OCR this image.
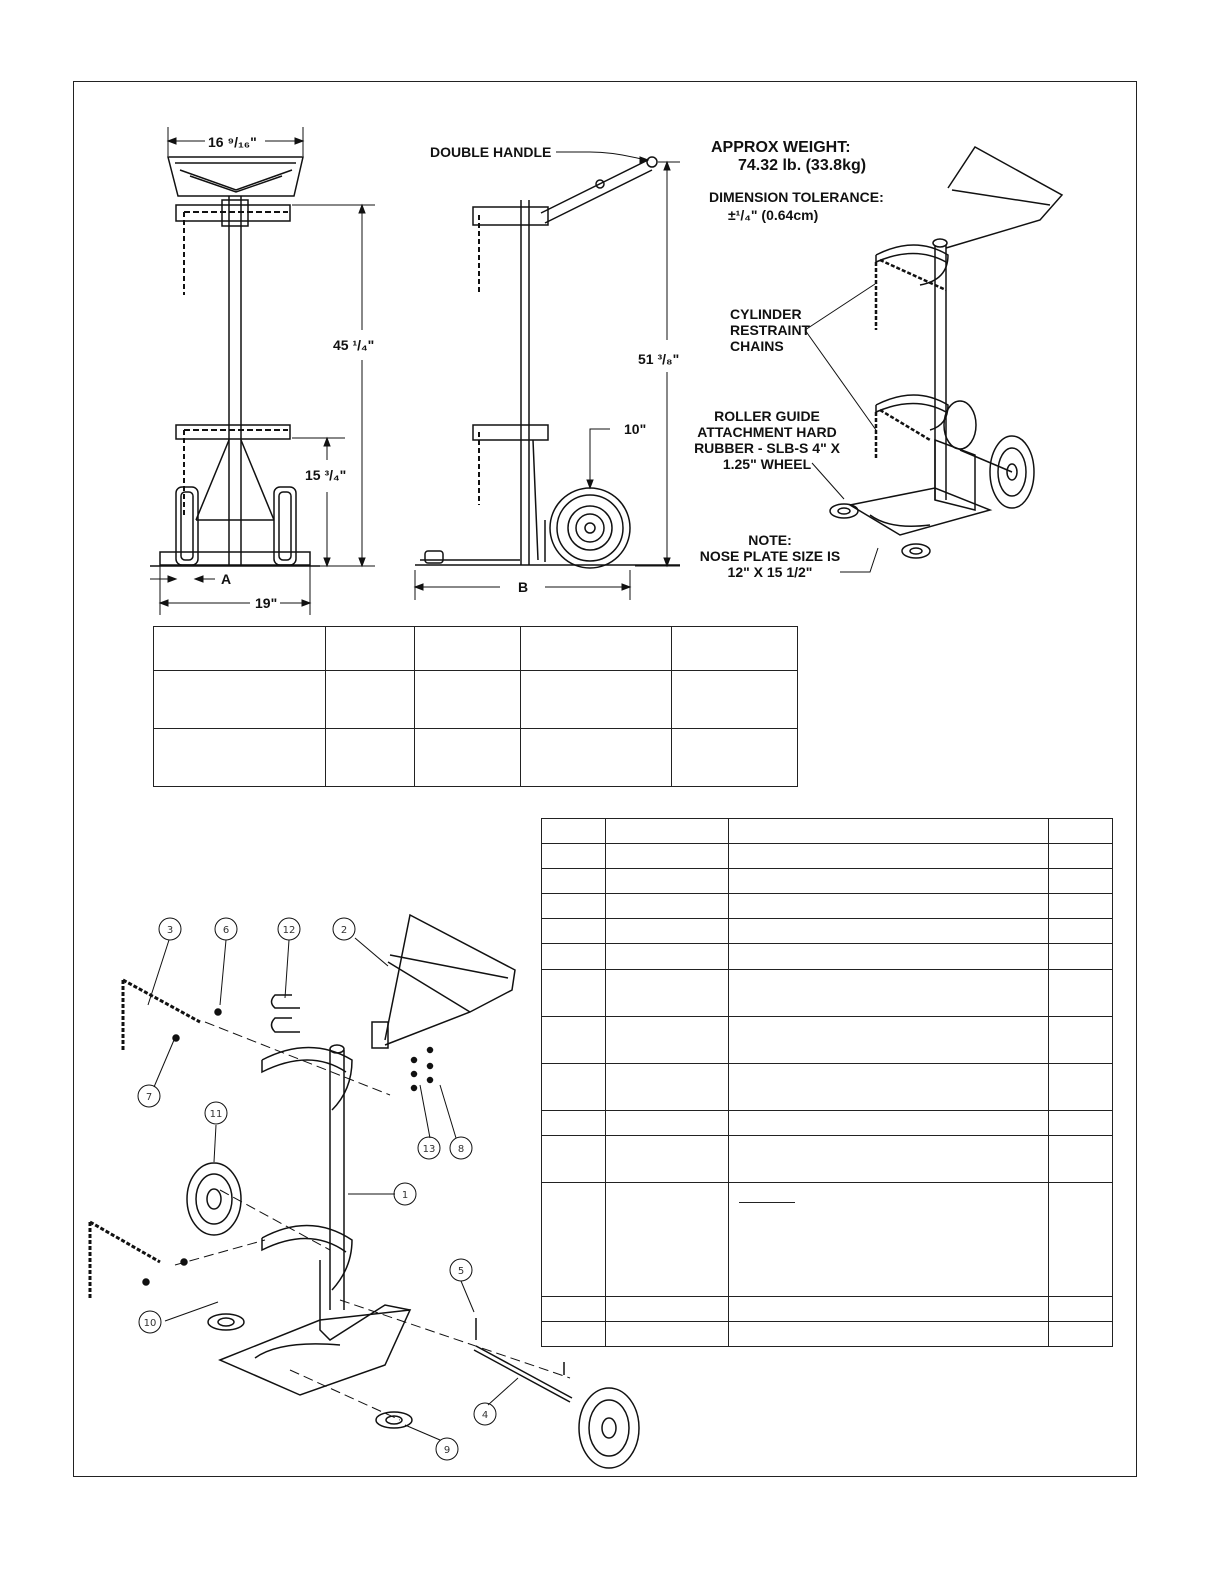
16 ⁹/₁₆"
45 ¹/₄"
15 ³/₄"
19"
A
51 ³/₈"
10"
B
DOUBLE HANDLE	APPROX WEIGHT:
74.32 lb. (33.8kg)
DIMENSION TOLERANCE:
±¹/₄" (0.64cm)
CYLINDER
RESTRAINT
CHAINS
ROLLER GUIDE
ATTACHMENT HARD
RUBBER - SLB-S 4" X
1.25" WHEEL
NOTE:
NOSE PLATE SIZE IS
12" X 15 1/2"
1
2
3
4
5
6
7
8
9
10
11
12
13
